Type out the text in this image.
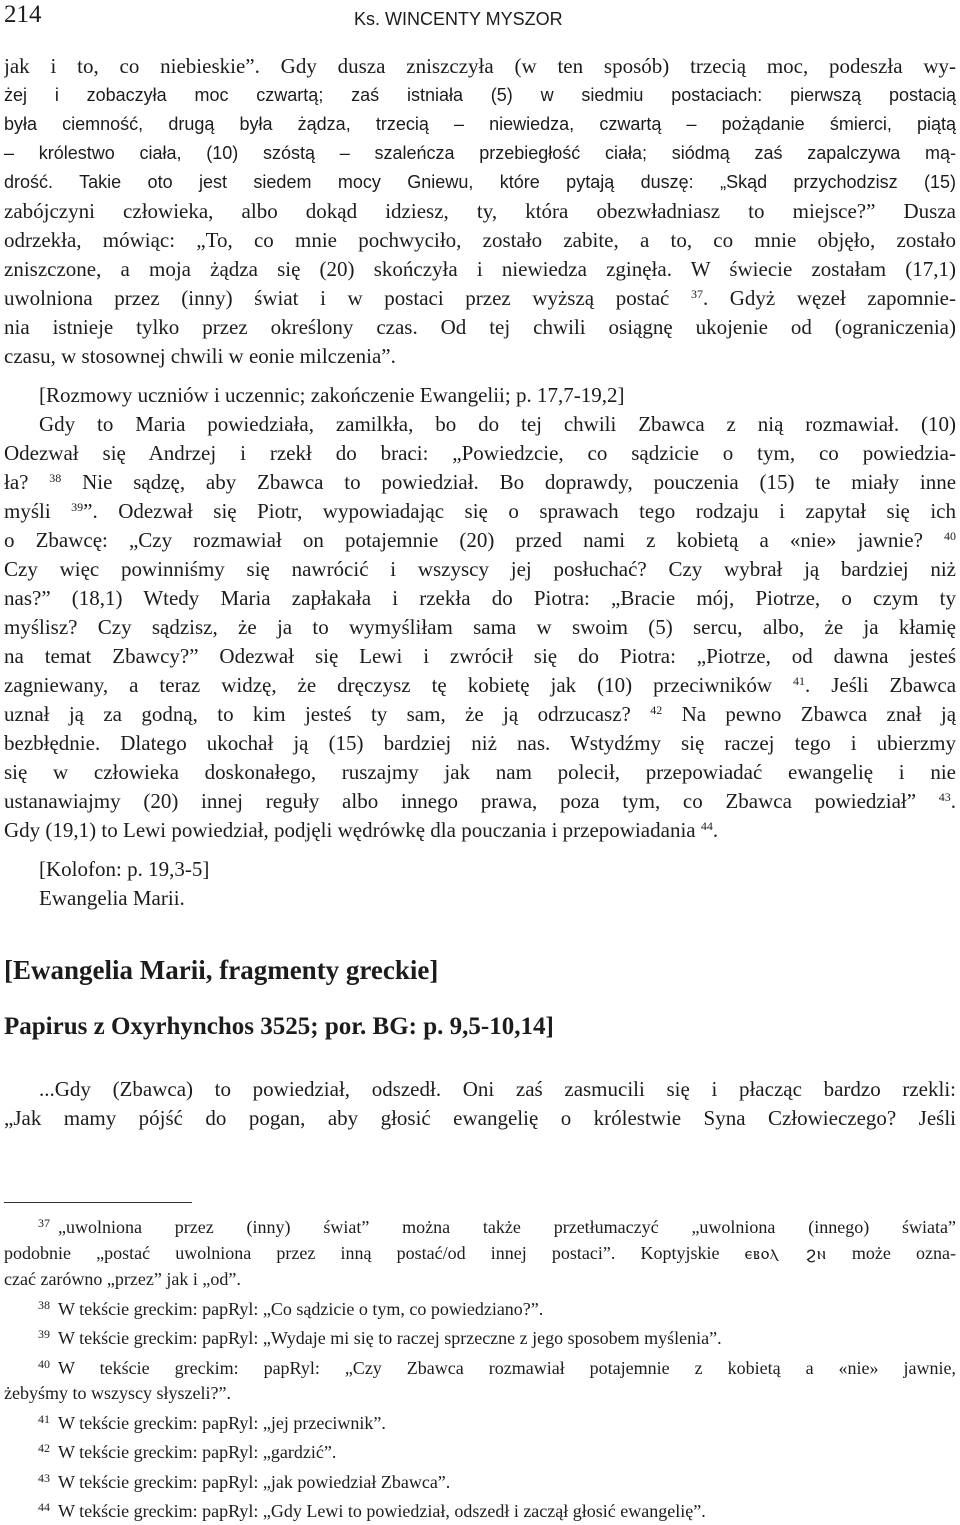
214	Ks. WINCENTY MYSZOR
jak i to, co niebieskie”. Gdy dusza zniszczyła (w ten sposób) trzecią moc, podeszła wy-
żej i zobaczyła moc czwartą; zaś istniała (5) w siedmiu postaciach: pierwszą postacią
była ciemność, drugą była żądza, trzecią – niewiedza, czwartą – pożądanie śmierci, piątą
– królestwo ciała, (10) szóstą – szaleńcza przebiegłość ciała; siódmą zaś zapalczywa mą-
drość. Takie oto jest siedem mocy Gniewu, które pytają duszę: „Skąd przychodzisz (15)
zabójczyni człowieka, albo dokąd idziesz, ty, która obezwładniasz to miejsce?” Dusza
odrzekła, mówiąc: „To, co mnie pochwyciło, zostało zabite, a to, co mnie objęło, zostało
zniszczone, a moja żądza się (20) skończyła i niewiedza zginęła. W świecie zostałam (17,1)
uwolniona przez (inny) świat i w postaci przez wyższą postać $^{37}$. Gdyż węzeł zapomnie-
nia istnieje tylko przez określony czas. Od tej chwili osiągnę ukojenie od (ograniczenia)
czasu, w stosownej chwili w eonie milczenia”.
[Rozmowy uczniów i uczennic; zakończenie Ewangelii; p. 17,7-19,2]
Gdy to Maria powiedziała, zamilkła, bo do tej chwili Zbawca z nią rozmawiał. (10)
Odezwał się Andrzej i rzekł do braci: „Powiedzcie, co sądzicie o tym, co powiedzia-
ła? $^{38}$ Nie sądzę, aby Zbawca to powiedział. Bo doprawdy, pouczenia (15) te miały inne
myśli $^{39}$”. Odezwał się Piotr, wypowiadając się o sprawach tego rodzaju i zapytał się ich
o Zbawcę: „Czy rozmawiał on potajemnie (20) przed nami z kobietą a «nie» jawnie? $^{40}$
Czy więc powinniśmy się nawrócić i wszyscy jej posłuchać? Czy wybrał ją bardziej niż
nas?” (18,1) Wtedy Maria zapłakała i rzekła do Piotra: „Bracie mój, Piotrze, o czym ty
myślisz? Czy sądzisz, że ja to wymyśliłam sama w swoim (5) sercu, albo, że ja kłamię
na temat Zbawcy?” Odezwał się Lewi i zwrócił się do Piotra: „Piotrze, od dawna jesteś
zagniewany, a teraz widzę, że dręczysz tę kobietę jak (10) przeciwników $^{41}$. Jeśli Zbawca
uznał ją za godną, to kim jesteś ty sam, że ją odrzucasz? $^{42}$ Na pewno Zbawca znał ją
bezbłędnie. Dlatego ukochał ją (15) bardziej niż nas. Wstydźmy się raczej tego i ubierzmy
się w człowieka doskonałego, ruszajmy jak nam polecił, przepowiadać ewangelię i nie
ustanawiajmy (20) innej reguły albo innego prawa, poza tym, co Zbawca powiedział” $^{43}$.
Gdy (19,1) to Lewi powiedział, podjęli wędrówkę dla pouczania i przepowiadania $^{44}$.
[Kolofon: p. 19,3-5]
Ewangelia Marii.
[Ewangelia Marii, fragmenty greckie]
Papirus z Oxyrhynchos 3525; por. BG: p. 9,5-10,14]
...Gdy (Zbawca) to powiedział, odszedł. Oni zaś zasmucili się i płacząc bardzo rzekli:
„Jak mamy pójść do pogan, aby głosić ewangelię o królestwie Syna Człowieczego? Jeśli
$^{37}$ „uwolniona przez (inny) świat” można także przetłumaczyć „uwolniona (innego) świata”
podobnie „postać uwolniona przez inną postać/od innej postaci”. Koptyjskie ⲉⲃⲟⲗ ϩⲛ może ozna-
czać zarówno „przez” jak i „od”.
$^{38}$ W tekście greckim: papRyl: „Co sądzicie o tym, co powiedziano?”.
$^{39}$ W tekście greckim: papRyl: „Wydaje mi się to raczej sprzeczne z jego sposobem myślenia”.
$^{40}$ W tekście greckim: papRyl: „Czy Zbawca rozmawiał potajemnie z kobietą a «nie» jawnie,
żebyśmy to wszyscy słyszeli?”.
$^{41}$ W tekście greckim: papRyl: „jej przeciwnik”.
$^{42}$ W tekście greckim: papRyl: „gardzić”.
$^{43}$ W tekście greckim: papRyl: „jak powiedział Zbawca”.
$^{44}$ W tekście greckim: papRyl: „Gdy Lewi to powiedział, odszedł i zaczął głosić ewangelię”.
